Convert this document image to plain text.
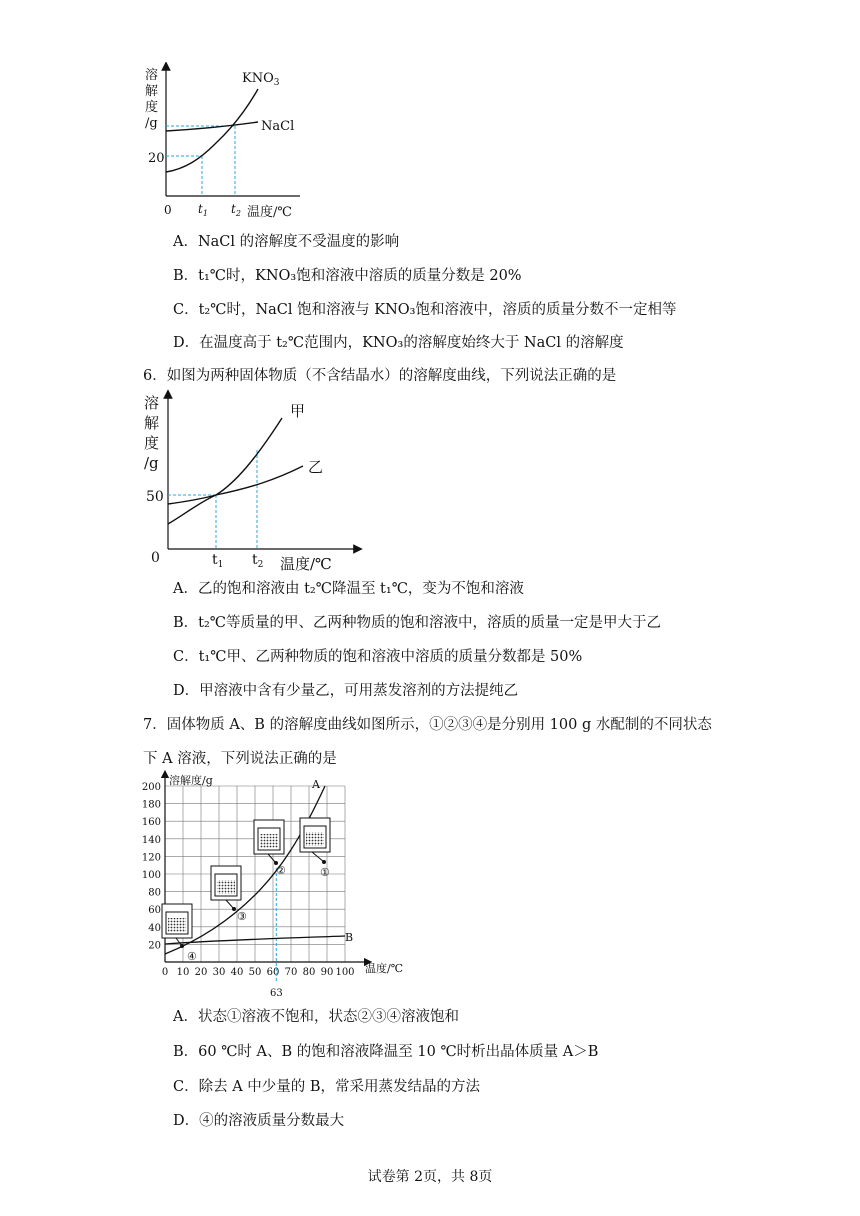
溶
解
度
/g
20
0
$KNO_3$
NaCl
$t_1$ $t_2$ 温度/℃
A．NaCl 的溶解度不受温度的影响
B．t₁℃时，KNO₃饱和溶液中溶质的质量分数是 20%
C．t₂℃时，NaCl 饱和溶液与 KNO₃饱和溶液中，溶质的质量分数不一定相等
D．在温度高于 t₂℃范围内，KNO₃的溶解度始终大于 NaCl 的溶解度
6．如图为两种固体物质（不含结晶水）的溶解度曲线，下列说法正确的是
溶
解
度
/g
50
0
甲
乙
$t_1$ $t_2$ 温度/℃
A．乙的饱和溶液由 t₂℃降温至 t₁℃，变为不饱和溶液
B．t₂℃等质量的甲、乙两种物质的饱和溶液中，溶质的质量一定是甲大于乙
C．t₁℃甲、乙两种物质的饱和溶液中溶质的质量分数都是 50%
D．甲溶液中含有少量乙，可用蒸发溶剂的方法提纯乙
7．固体物质 A、B 的溶解度曲线如图所示，①②③④是分别用 100 g 水配制的不同状态
下 A 溶液，下列说法正确的是
20
40
60
80
100
120
140
160
180
200
0 10 20 30 40 50 60 70 80 90 100
溶解度/g
温度/℃
63
A
B
①
②
③
④
A．状态①溶液不饱和，状态②③④溶液饱和
B．60 ℃时 A、B 的饱和溶液降温至 10 ℃时析出晶体质量 A＞B
C．除去 A 中少量的 B，常采用蒸发结晶的方法
D．④的溶液质量分数最大
试卷第 2页，共 8页
